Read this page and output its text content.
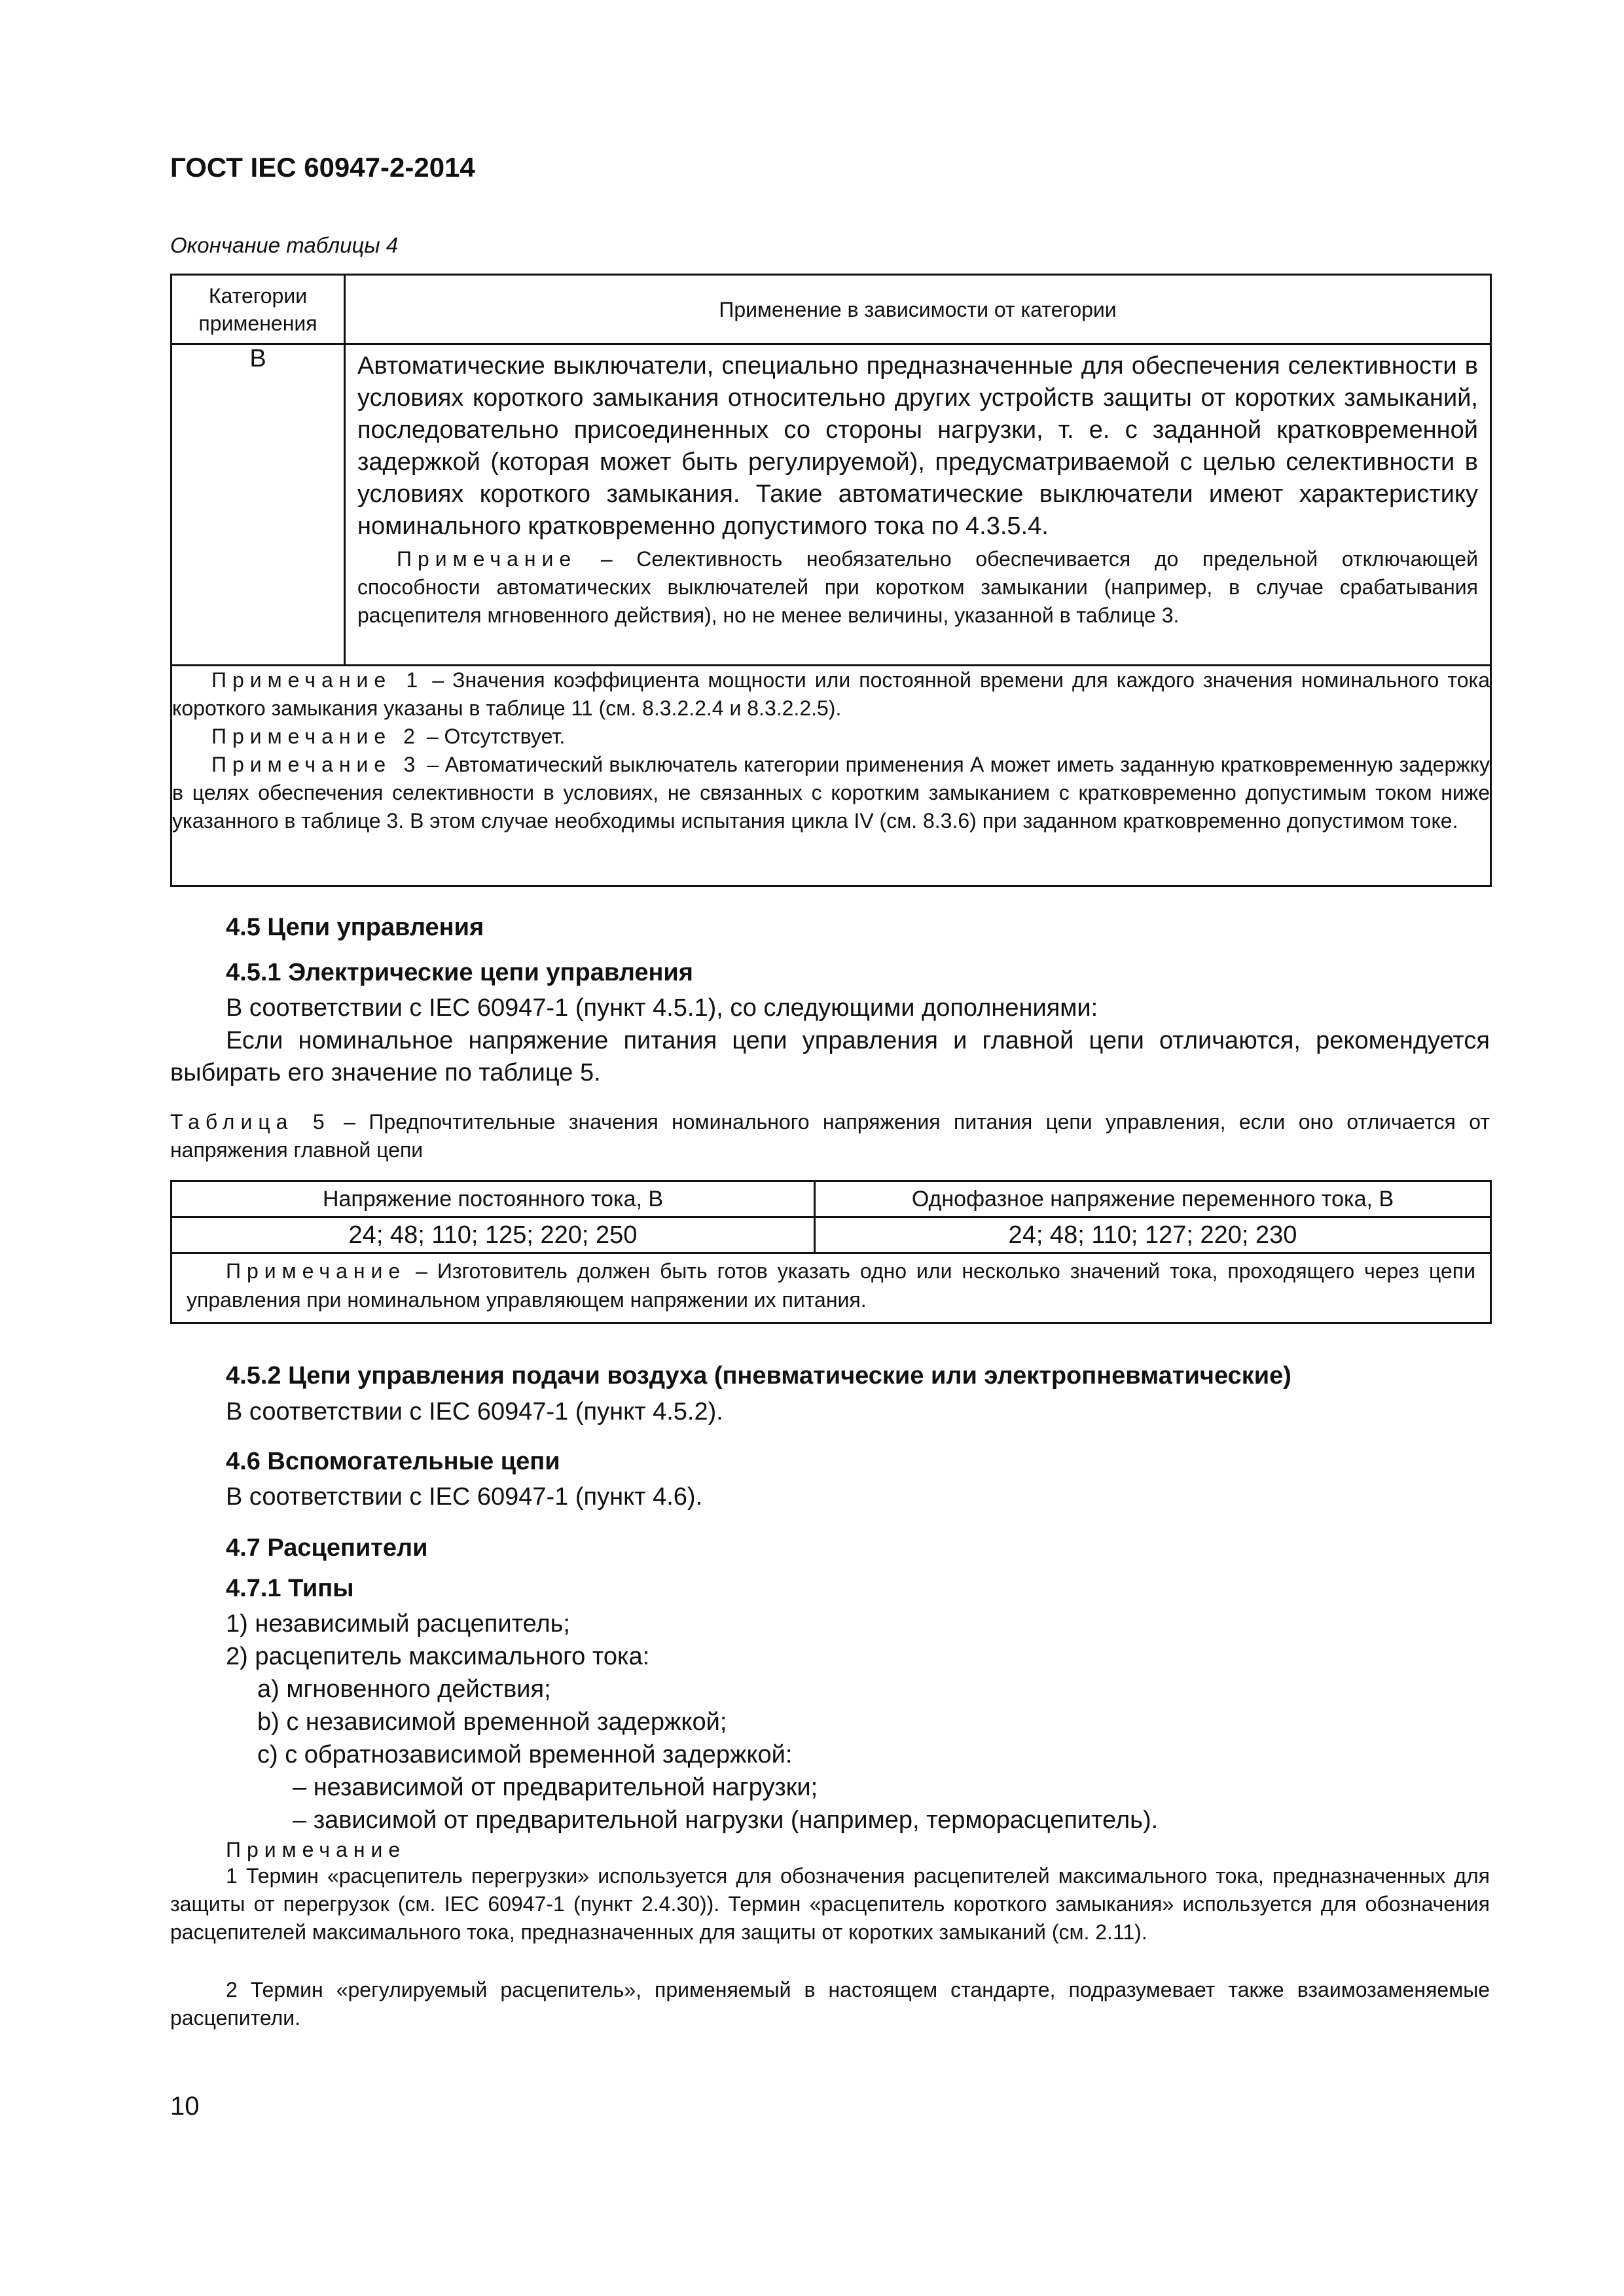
ГОСТ IEC 60947-2-2014
Окончание таблицы 4
Категории применения	Применение в зависимости от категории
В	Автоматические выключатели, специально предназначенные для обеспечения селективности в условиях короткого замыкания относительно других устройств защиты от коротких замыканий, последовательно присоединенных со стороны нагрузки, т. е. с заданной кратковременной задержкой (которая может быть регулируемой), предусматриваемой с целью селективности в условиях короткого замыкания. Такие автоматические выключатели имеют характеристику номинального кратковременно допустимого тока по 4.3.5.4.

Примечание – Селективность необязательно обеспечивается до предельной отключающей способности автоматических выключателей при коротком замыкании (например, в случае срабатывания расцепителя мгновенного действия), но не менее величины, указанной в таблице 3.

Примечание 1 – Значения коэффициента мощности или постоянной времени для каждого значения номинального тока короткого замыкания указаны в таблице 11 (см. 8.3.2.2.4 и 8.3.2.2.5).

Примечание 2 – Отсутствует.

Примечание 3 – Автоматический выключатель категории применения А может иметь заданную кратковременную задержку в целях обеспечения селективности в условиях, не связанных с коротким замыканием с кратковременно допустимым током ниже указанного в таблице 3. В этом случае необходимы испытания цикла IV (см. 8.3.6) при заданном кратковременно допустимом токе.	

4.5 Цепи управления
4.5.1 Электрические цепи управления
В соответствии с IEC 60947-1 (пункт 4.5.1), со следующими дополнениями:
Если номинальное напряжение питания цепи управления и главной цепи отличаются, рекомендуется выбирать его значение по таблице 5.
Таблица 5 – Предпочтительные значения номинального напряжения питания цепи управления, если оно отличается от напряжения главной цепи
Напряжение постоянного тока, В	Однофазное напряжение переменного тока, В
24; 48; 110; 125; 220; 250	24; 48; 110; 127; 220; 230

Примечание – Изготовитель должен быть готов указать одно или несколько значений тока, проходящего через цепи управления при номинальном управляющем напряжении их питания.	

4.5.2 Цепи управления подачи воздуха (пневматические или электропневматические)
В соответствии с IEC 60947-1 (пункт 4.5.2).
4.6 Вспомогательные цепи
В соответствии с IEC 60947-1 (пункт 4.6).
4.7 Расцепители
4.7.1 Типы
1) независимый расцепитель;
2) расцепитель максимального тока:
a) мгновенного действия;
b) с независимой временной задержкой;
c) с обратнозависимой временной задержкой:
– независимой от предварительной нагрузки;
– зависимой от предварительной нагрузки (например, терморасцепитель).
Примечание
1 Термин «расцепитель перегрузки» используется для обозначения расцепителей максимального тока, предназначенных для защиты от перегрузок (см. IEC 60947-1 (пункт 2.4.30)). Термин «расцепитель короткого замыкания» используется для обозначения расцепителей максимального тока, предназначенных для защиты от коротких замыканий (см. 2.11).
2 Термин «регулируемый расцепитель», применяемый в настоящем стандарте, подразумевает также взаимозаменяемые расцепители.
10
